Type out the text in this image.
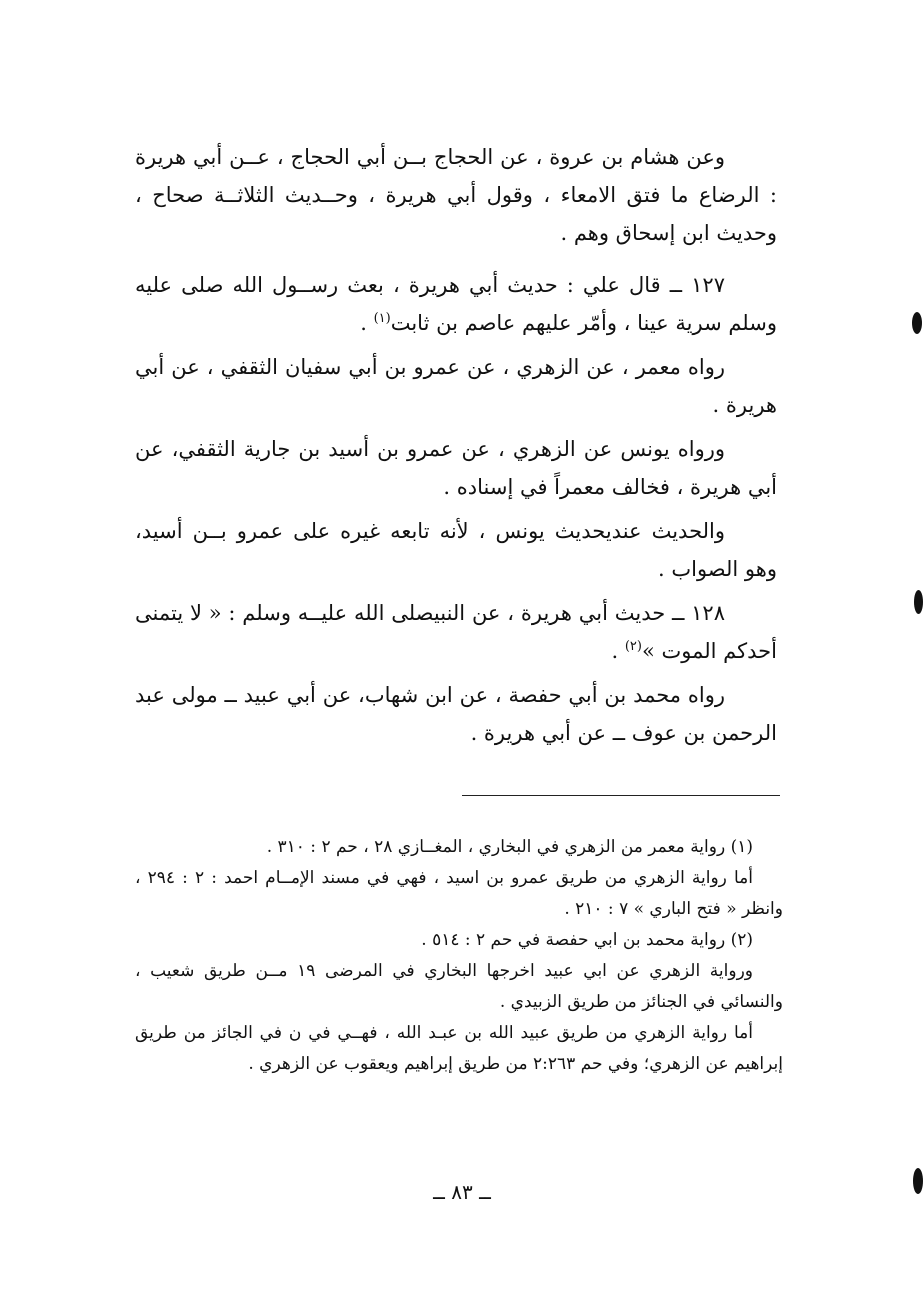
وعن هشام بن عروة ، عن الحجاج بــن أبي الحجاج ، عــن أبي هريرة : الرضاع ما فتق الامعاء ، وقول أبي هريرة ، وحــديث الثلاثــة صحاح ، وحديث ابن إسحاق وهم .

١٢٧ ــ قال علي : حديث أبي هريرة ، بعث رســول الله صلى عليه وسلم سرية عينا ، وأمّر عليهم عاصم بن ثابت$^{(١)}$ .

رواه معمر ، عن الزهري ، عن عمرو بن أبي سفيان الثقفي ، عن أبي هريرة .

ورواه يونس عن الزهري ، عن عمرو بن أسيد بن جارية الثقفي، عن أبي هريرة ، فخالف معمراً في إسناده .

والحديث عنديحديث يونس ، لأنه تابعه غيره على عمرو بــن أسيد، وهو الصواب .

١٢٨ ــ حديث أبي هريرة ، عن النبيصلى الله عليــه وسلم : « لا يتمنى أحدكم الموت »$^{(٢)}$ .

رواه محمد بن أبي حفصة ، عن ابن شهاب، عن أبي عبيد ــ مولى عبد الرحمن بن عوف ــ عن أبي هريرة .

(١) رواية معمر من الزهري في البخاري ، المغــازي ٢٨ ، حم ٢ : ٣١٠ .

أما رواية الزهري من طريق عمرو بن اسيد ، فهي في مسند الإمــام احمد : ٢ : ٢٩٤ ، وانظر « فتح الباري » ٧ : ٢١٠ .

(٢) رواية محمد بن ابي حفصة في حم ٢ : ٥١٤ .

ورواية الزهري عن ابي عبيد اخرجها البخاري في المرضى ١٩ مــن طريق شعيب ، والنسائي في الجنائز من طريق الزبيدي .

أما رواية الزهري من طريق عبيد الله بن عبـد الله ، فهــي في ن في الجائز من طريق إبراهيم عن الزهري؛ وفي حم ٢:٢٦٣ من طريق إبراهيم ويعقوب عن الزهري .

ــ ٨٣ ــ
